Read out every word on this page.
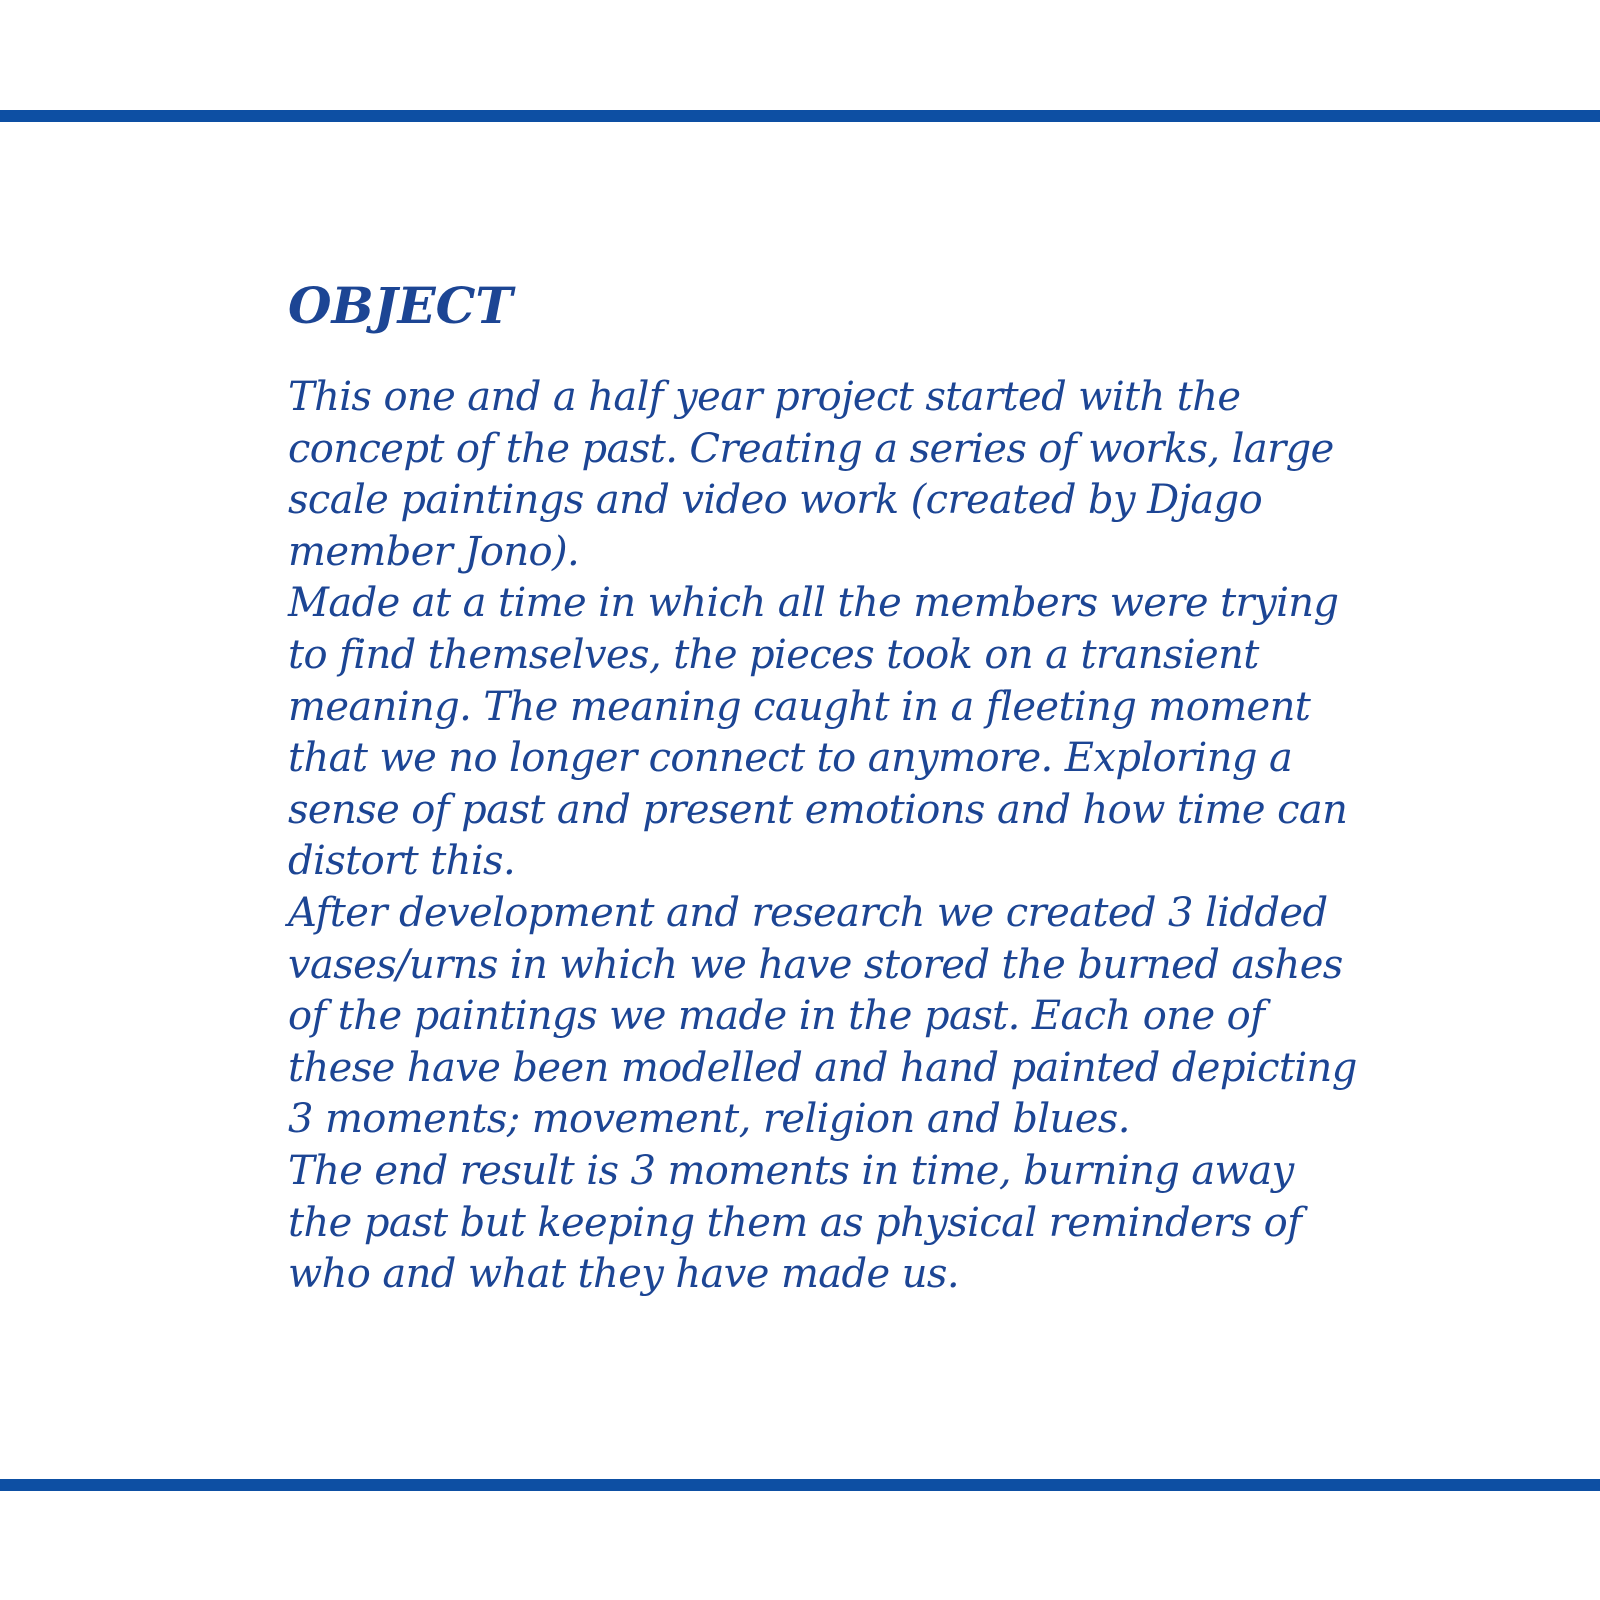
OBJECT
This one and a half year project started with the
concept of the past. Creating a series of works, large
scale paintings and video work (created by Djago
member Jono).
Made at a time in which all the members were trying
to find themselves, the pieces took on a transient
meaning. The meaning caught in a fleeting moment
that we no longer connect to anymore. Exploring a
sense of past and present emotions and how time can
distort this.
After development and research we created 3 lidded
vases/urns in which we have stored the burned ashes
of the paintings we made in the past. Each one of
these have been modelled and hand painted depicting
3 moments; movement, religion and blues.
The end result is 3 moments in time, burning away
the past but keeping them as physical reminders of
who and what they have made us.
